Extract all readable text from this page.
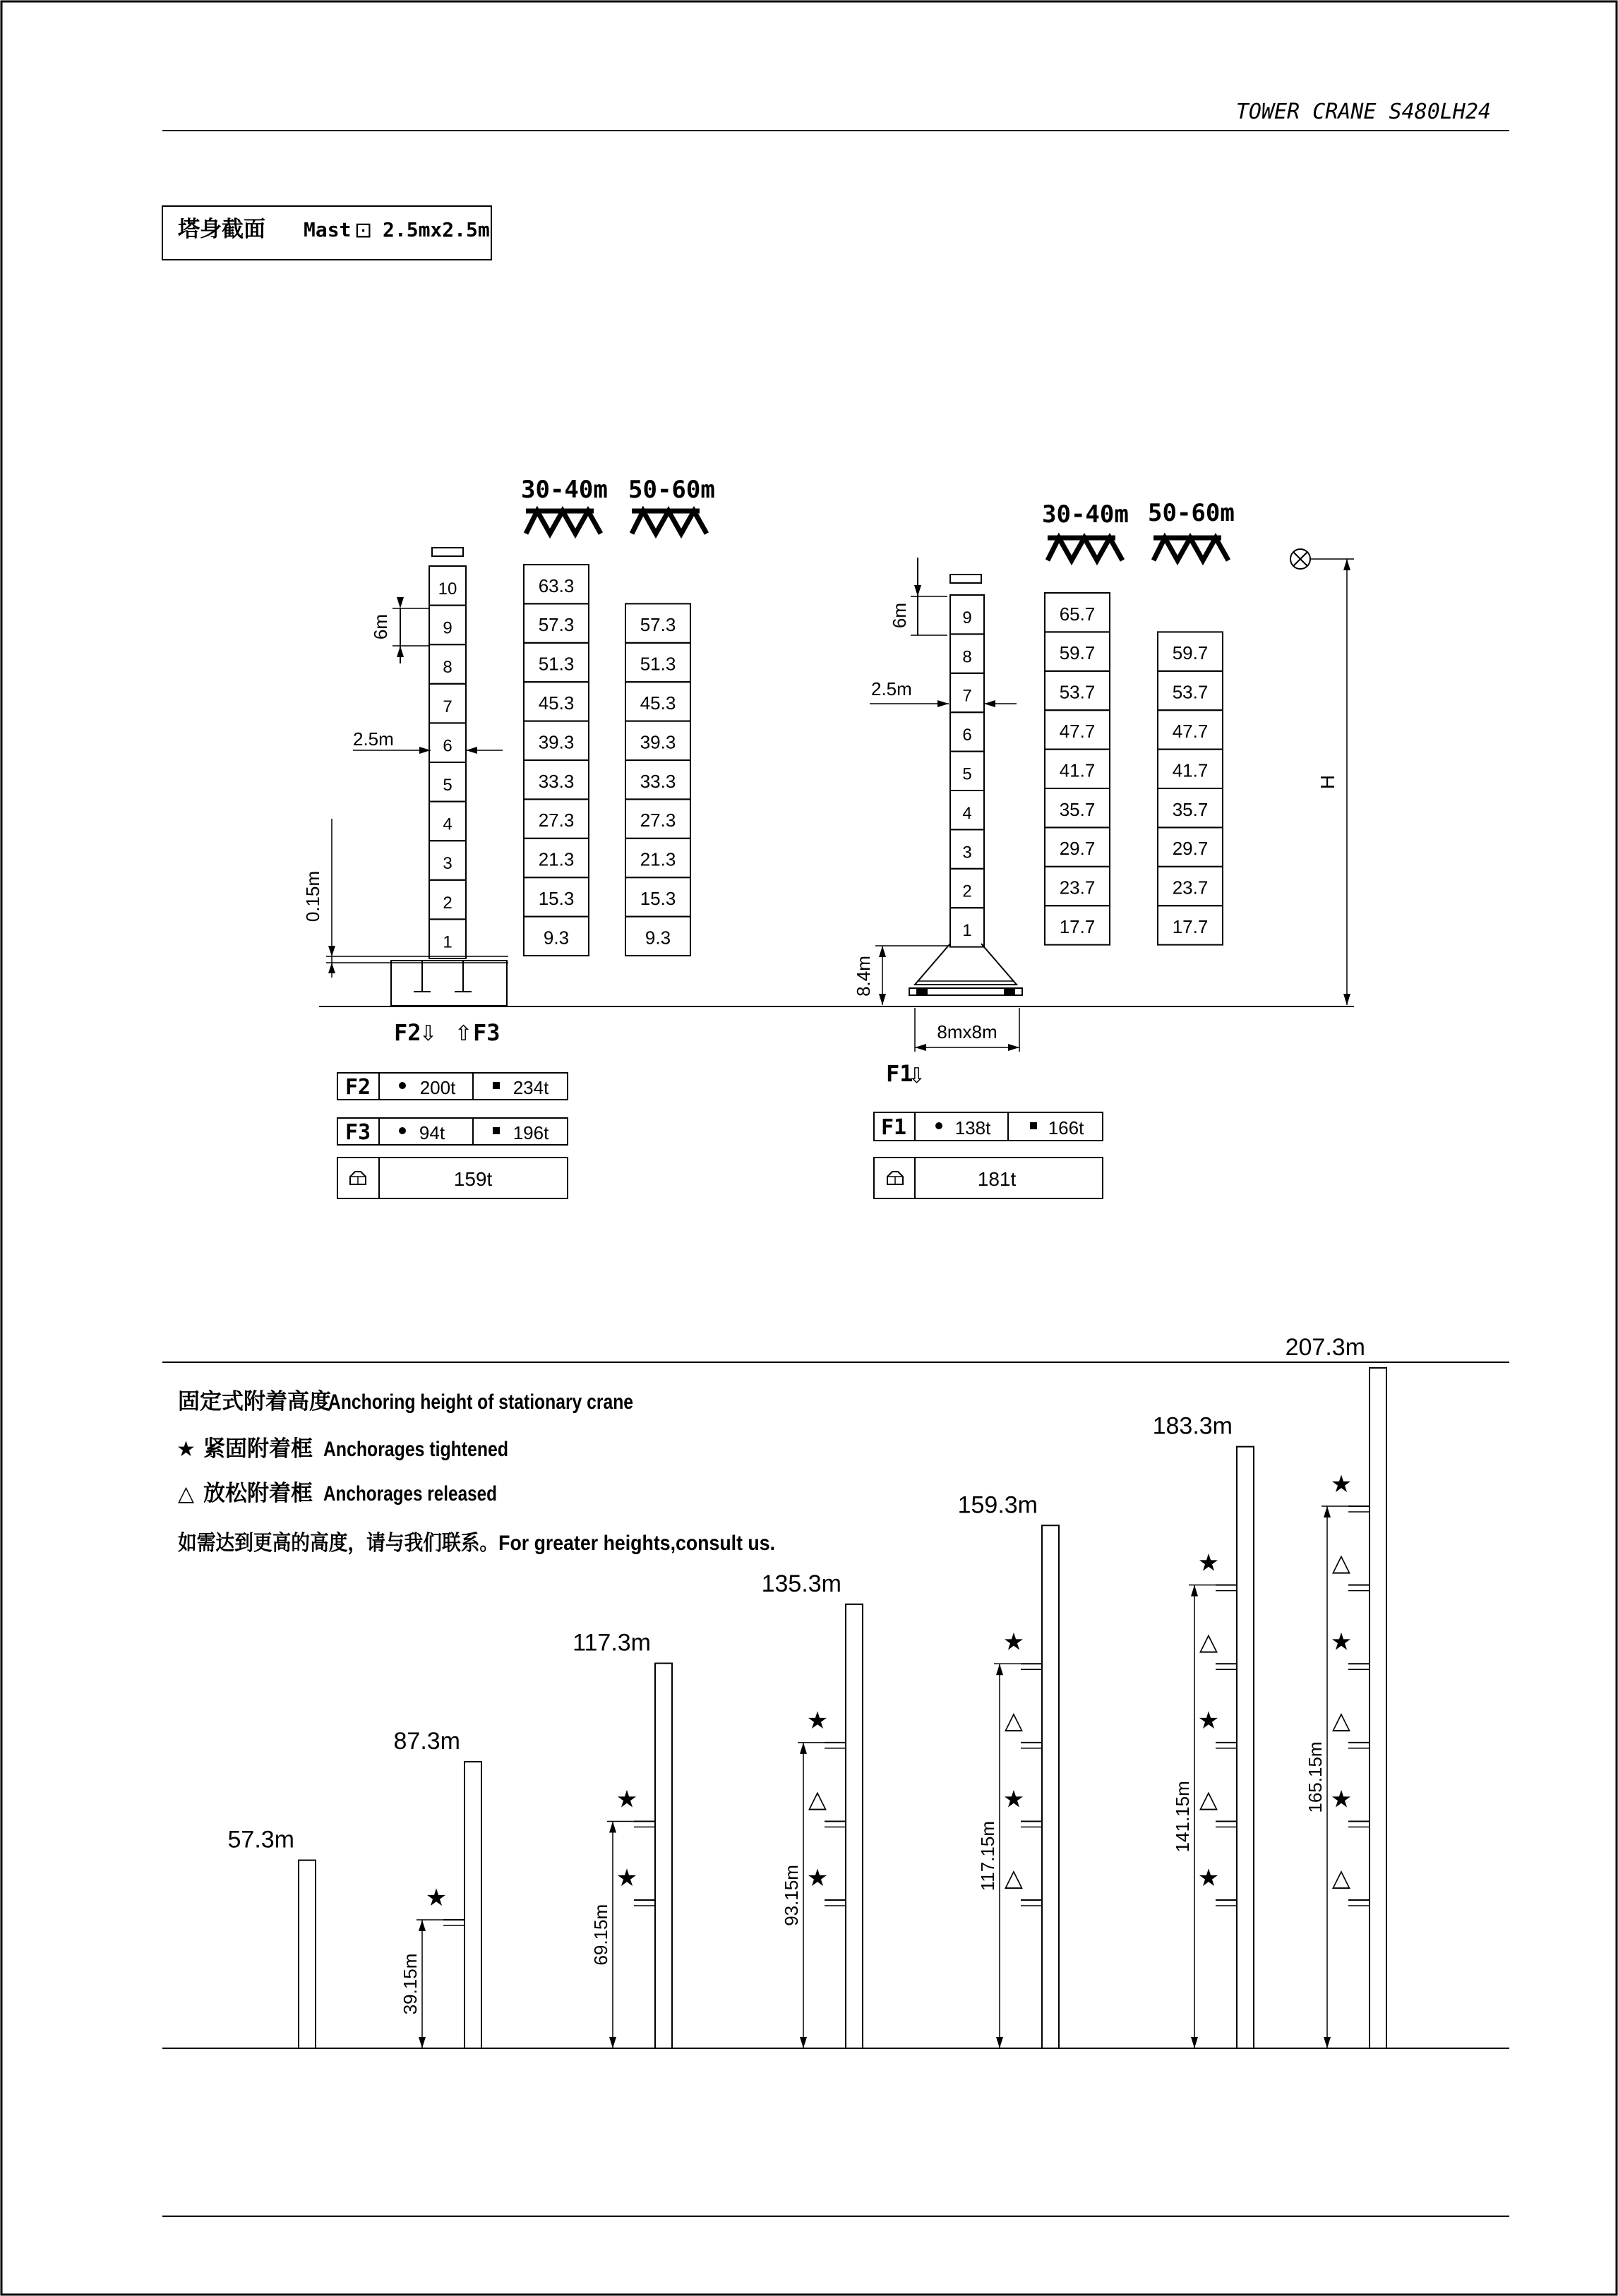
TOWER CRANE S480LH24
塔身截面 Mast ⊡ 2.5mx2.5m
30-40m 50-60m
10
9
8
7
6
5
4
3
2
1
63.3
57.3
51.3
45.3
39.3
33.3
27.3
21.3
15.3
9.3
57.3
51.3
45.3
39.3
33.3
27.3
21.3
15.3
9.3
6m
2.5m
0.15m
F2
⇩ ⇧ F3
F2	200t	234t
F3	94t	196t
159t
30-40m 50-60m
9
8
7
6
5
4
3
2
1
65.7
59.7
53.7
47.7
41.7
35.7
29.7
23.7
17.7
59.7
53.7
47.7
41.7
35.7
29.7
23.7
17.7
6m
2.5m
8.4m
8mx8m
H
F1
⇩
F1	138t	166t
181t
固定式附着高度
Anchoring height of stationary crane
★ 紧固附着框 Anchorages tightened
△ 放松附着框 Anchorages released
如需达到更高的高度，请与我们联系。For greater heights,consult us.
57.3m
87.3m
★
39.15m
117.3m
★
★
69.15m
135.3m
★
△
★
93.15m
159.3m
★
△
★
△
117.15m
183.3m
★
△
★
△
★
141.15m
207.3m
★
△
★
△
★
△
165.15m
